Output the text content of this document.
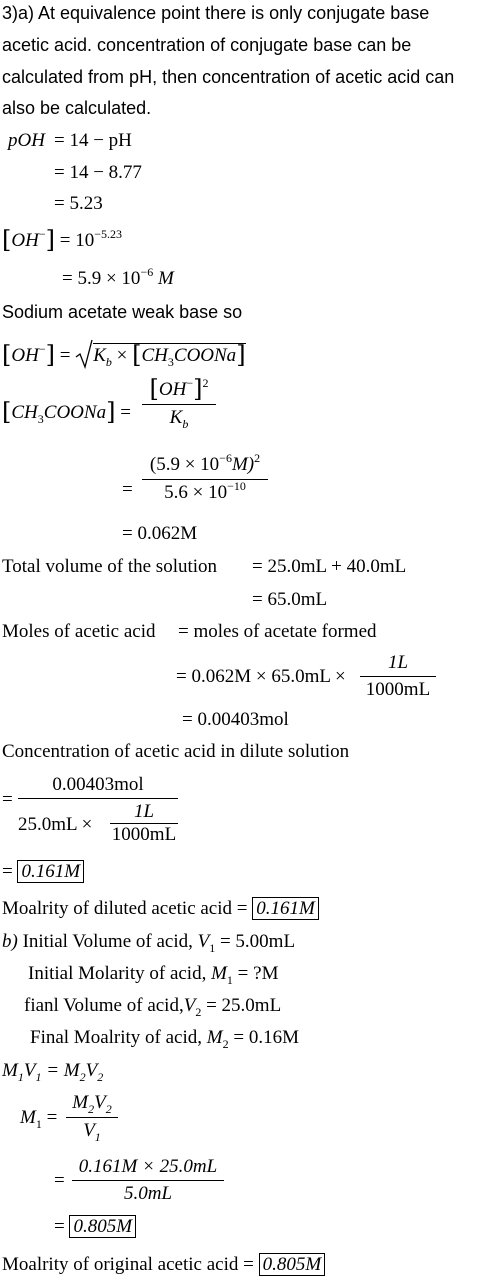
3)a) At equivalence point there is only conjugate base
acetic acid. concentration of conjugate base can be
calculated from pH, then concentration of acetic acid can
also be calculated.
pOH = 14 − pH
= 14 − 8.77
= 5.23
$[OH^-] = 10^{-5.23}$
= $5.9 \times 10^{-6}$ M
Sodium acetate weak base so
$[OH^-] = K_b$ × $[CH_3COONa]$
$[CH_3COONa]$ =
$[OH^-]^2$
$K_b$
=
$(5.9 \times 10^{-6}M)^2$
$5.6 \times 10^{-10}$
= 0.062M
Total volume of the solution = 25.0mL + 40.0mL
= 65.0mL
Moles of acetic acid = moles of acetate formed
= 0.062M × 65.0mL ×
1L
1000mL
= 0.00403mol
Concentration of acetic acid in dilute solution
=
0.00403mol
25.0mL ×
1L
1000mL
= 0.161M
Moalrity of diluted acetic acid = 0.161M
b) Initial Volume of acid, $V_1 = 5.00mL$
Initial Molarity of acid, $M_1$ = ?M
fianl Volume of $acid,V_2 = 25.0mL$
Final Moalrity of acid, $M_2 = 0.16M$
$M_1V_1 = M_2V_2$
$M_1$ =
$M_2V_2$
$V_1$
=
0.161M × 25.0mL
5.0mL
= 0.805M
Moalrity of original acetic acid = 0.805M
